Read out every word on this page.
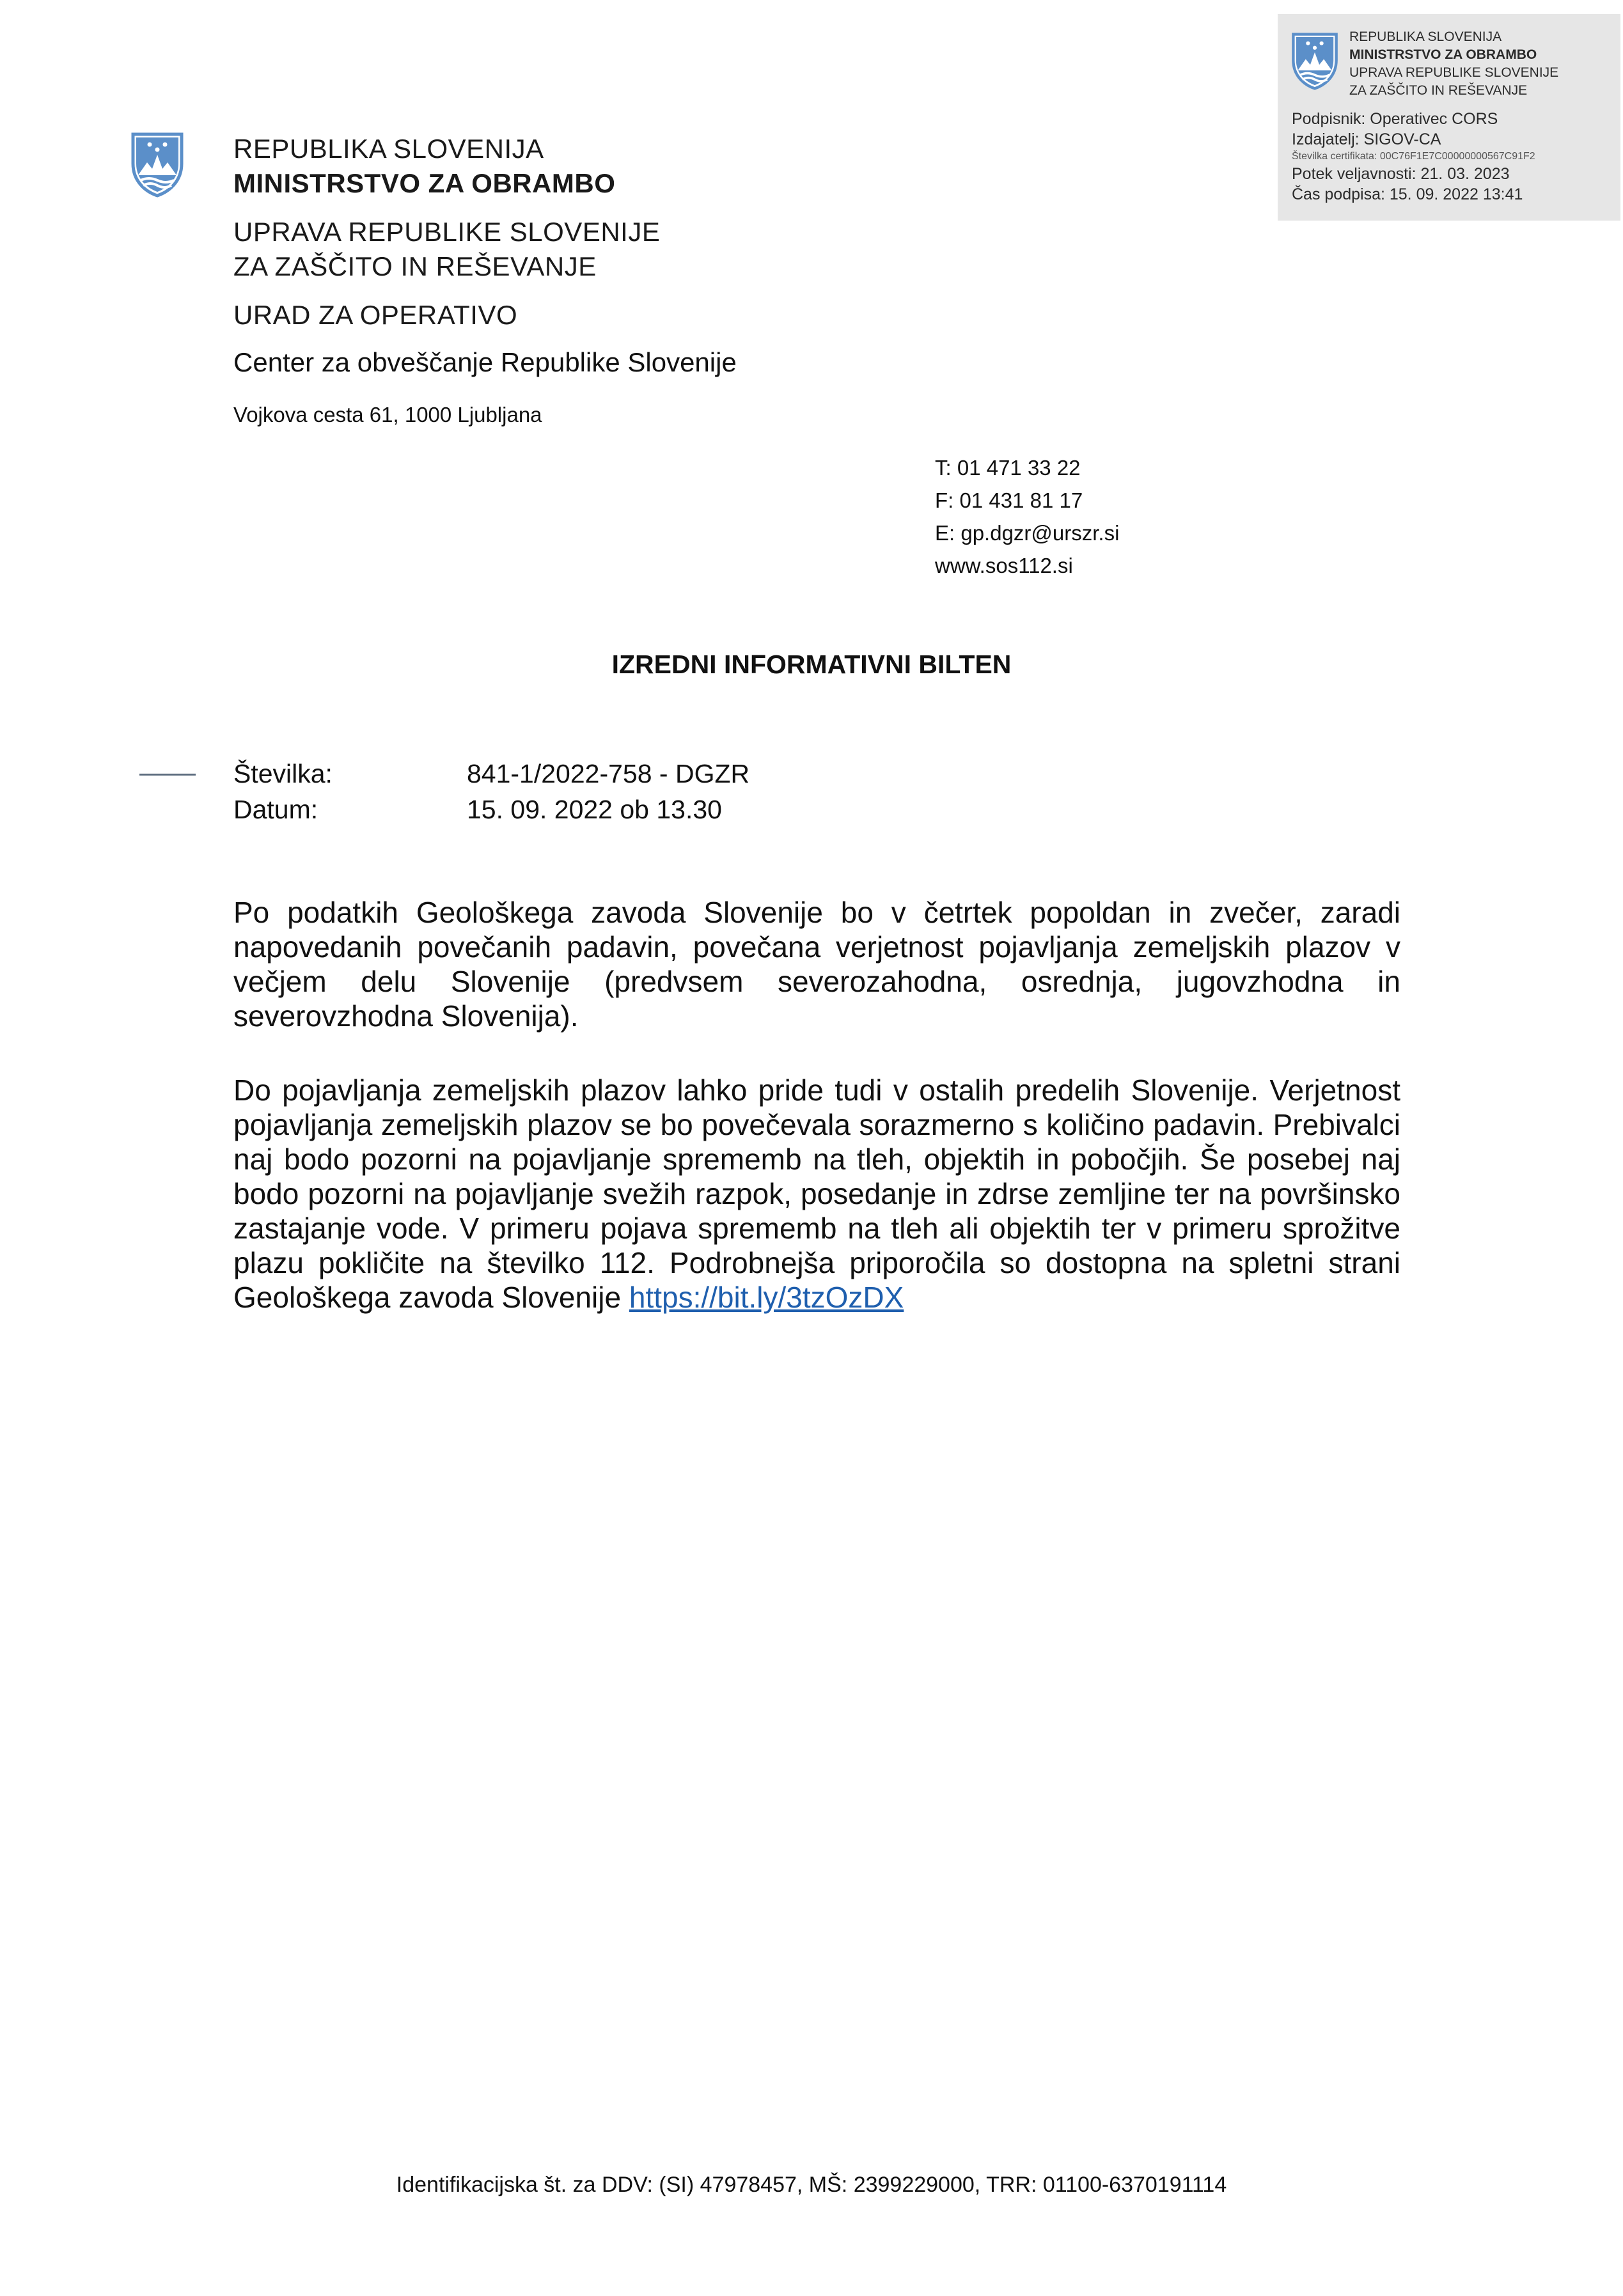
REPUBLIKA SLOVENIJA
MINISTRSTVO ZA OBRAMBO
UPRAVA REPUBLIKE SLOVENIJE
ZA ZAŠČITO IN REŠEVANJE
Podpisnik: Operativec CORS
Izdajatelj: SIGOV-CA
Številka certifikata: 00C76F1E7C00000000567C91F2
Potek veljavnosti: 21. 03. 2023
Čas podpisa: 15. 09. 2022 13:41
REPUBLIKA SLOVENIJA
MINISTRSTVO ZA OBRAMBO
UPRAVA REPUBLIKE SLOVENIJE
ZA ZAŠČITO IN REŠEVANJE
URAD ZA OPERATIVO
Center za obveščanje Republike Slovenije
Vojkova cesta 61, 1000 Ljubljana
T: 01 471 33 22
F: 01 431 81 17
E: gp.dgzr@urszr.si
www.sos112.si
IZREDNI INFORMATIVNI BILTEN
Številka:	841-1/2022-758 - DGZR
Datum:	15. 09. 2022 ob 13.30
Po podatkih Geološkega zavoda Slovenije bo v četrtek popoldan in zvečer, zaradi napovedanih povečanih padavin, povečana verjetnost pojavljanja zemeljskih plazov v večjem delu Slovenije (predvsem severozahodna, osrednja, jugovzhodna in severovzhodna Slovenija).
Do pojavljanja zemeljskih plazov lahko pride tudi v ostalih predelih Slovenije. Verjetnost pojavljanja zemeljskih plazov se bo povečevala sorazmerno s količino padavin. Prebivalci naj bodo pozorni na pojavljanje sprememb na tleh, objektih in pobočjih. Še posebej naj bodo pozorni na pojavljanje svežih razpok, posedanje in zdrse zemljine ter na površinsko zastajanje vode. V primeru pojava sprememb na tleh ali objektih ter v primeru sprožitve plazu pokličite na številko 112. Podrobnejša priporočila so dostopna na spletni strani Geološkega zavoda Slovenije https://bit.ly/3tzOzDX
Identifikacijska št. za DDV: (SI) 47978457, MŠ: 2399229000, TRR: 01100-6370191114
